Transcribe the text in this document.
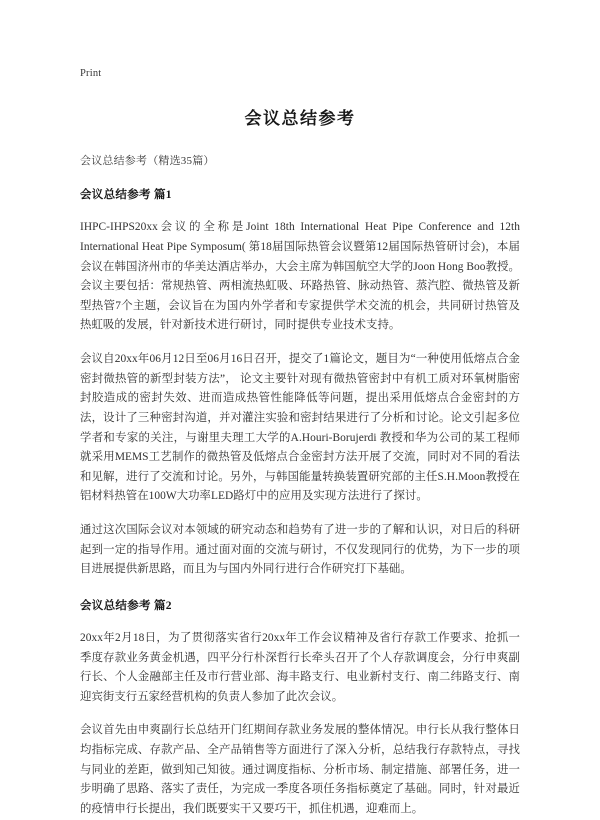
Print
会议总结参考
会议总结参考（精选35篇）
会议总结参考 篇1

IHPC-IHPS20xx会议的全称是Joint 18th International Heat Pipe Conference and 12th International Heat Pipe Symposum( 第18届国际热管会议暨第12届国际热管研讨会)，本届会议在韩国济州市的华美达酒店举办，大会主席为韩国航空大学的Joon Hong Boo教授。会议主要包括：常规热管、两相流热虹吸、环路热管、脉动热管、蒸汽腔、微热管及新型热管7个主题，会议旨在为国内外学者和专家提供学术交流的机会，共同研讨热管及热虹吸的发展，针对新技术进行研讨，同时提供专业技术支持。

会议自20xx年06月12日至06月16日召开，提交了1篇论文，题目为“一种使用低熔点合金密封微热管的新型封装方法”， 论文主要针对现有微热管密封中有机工质对环氧树脂密封胶造成的密封失效、进而造成热管性能降低等问题，提出采用低熔点合金密封的方法，设计了三种密封沟道，并对灌注实验和密封结果进行了分析和讨论。论文引起多位学者和专家的关注，与谢里夫理工大学的A.Houri-Borujerdi 教授和华为公司的某工程师就采用MEMS工艺制作的微热管及低熔点合金密封方法开展了交流，同时对不同的看法和见解，进行了交流和讨论。另外，与韩国能量转换装置研究部的主任S.H.Moon教授在铝材料热管在100W大功率LED路灯中的应用及实现方法进行了探讨。

通过这次国际会议对本领域的研究动态和趋势有了进一步的了解和认识，对日后的科研起到一定的指导作用。通过面对面的交流与研讨，不仅发现同行的优势，为下一步的项目进展提供新思路，而且为与国内外同行进行合作研究打下基础。

会议总结参考 篇2

20xx年2月18日，为了贯彻落实省行20xx年工作会议精神及省行存款工作要求、抢抓一季度存款业务黄金机遇，四平分行朴深哲行长牵头召开了个人存款调度会，分行申爽副行长、个人金融部主任及市行营业部、海丰路支行、电业新村支行、南二纬路支行、南迎宾街支行五家经营机构的负责人参加了此次会议。

会议首先由申爽副行长总结开门红期间存款业务发展的整体情况。申行长从我行整体日均指标完成、存款产品、全产品销售等方面进行了深入分析，总结我行存款特点，寻找与同业的差距，做到知己知彼。通过调度指标、分析市场、制定措施、部署任务，进一步明确了思路、落实了责任，为完成一季度各项任务指标奠定了基础。同时，针对最近的疫情申行长提出，我们既要实干又要巧干，抓住机遇，迎难而上。
